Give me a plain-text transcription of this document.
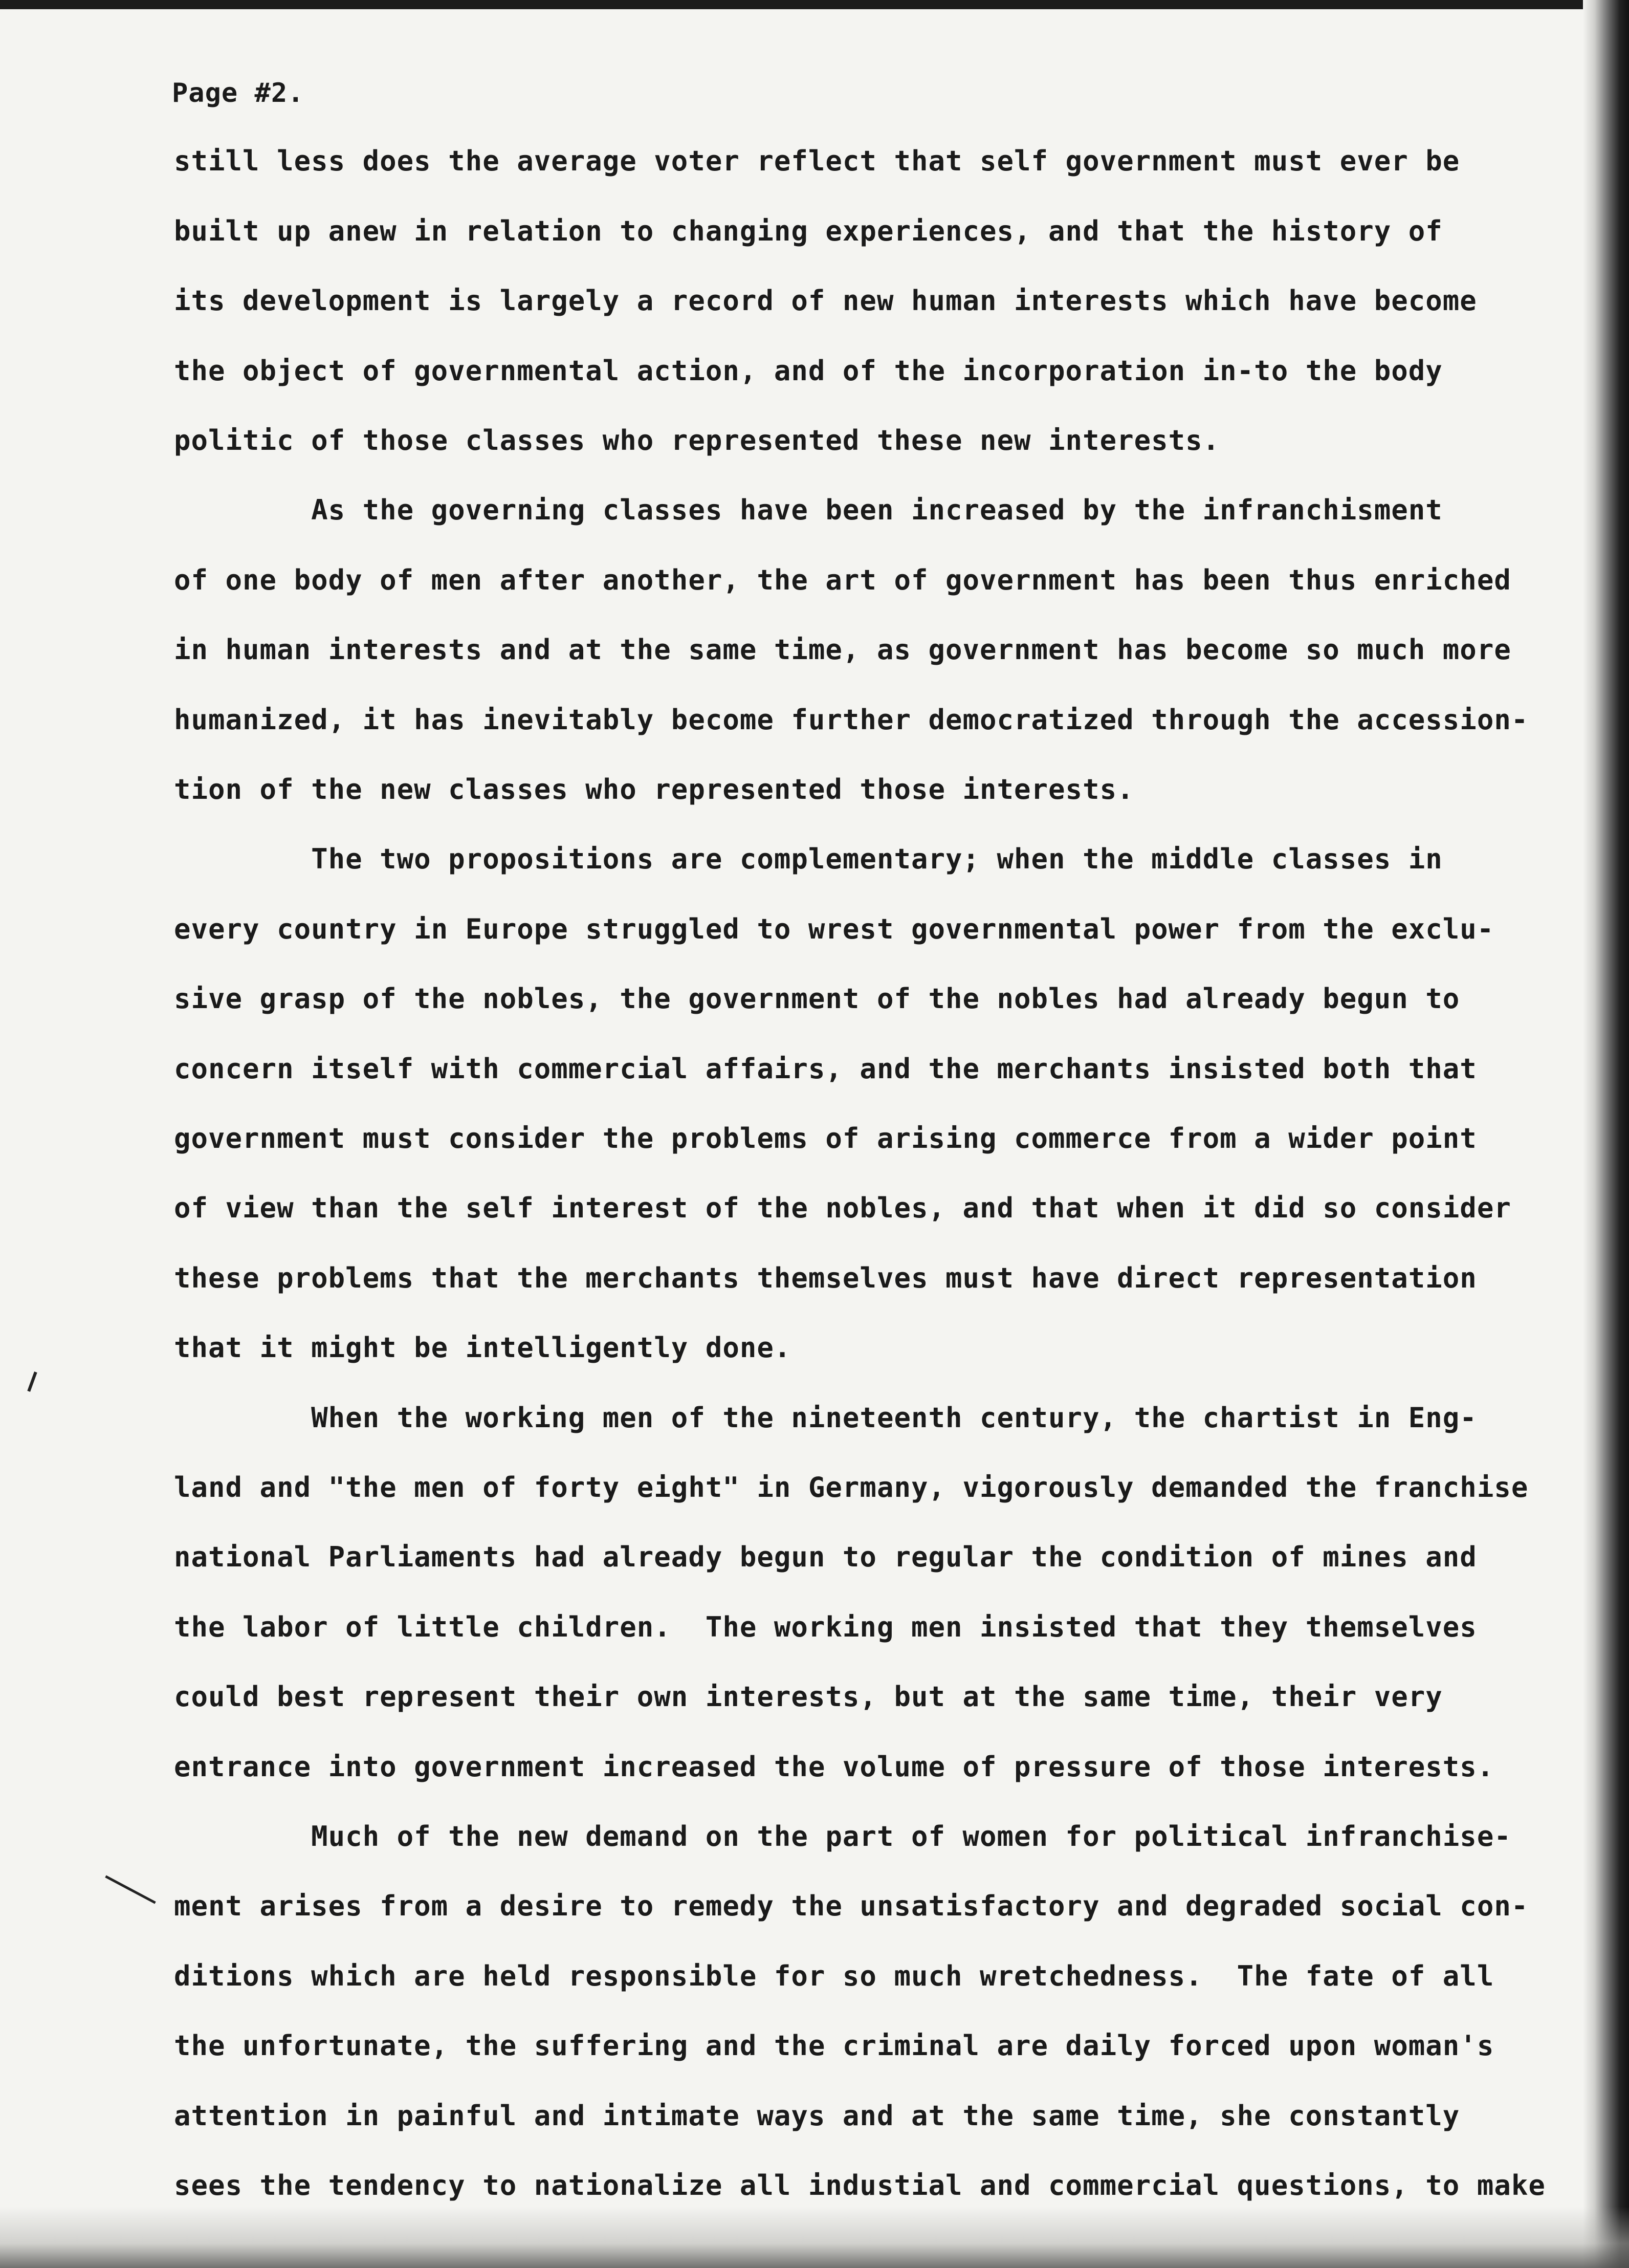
Page #2.
still less does the average voter reflect that self government must ever be
built up anew in relation to changing experiences, and that the history of
its development is largely a record of new human interests which have become
the object of governmental action, and of the incorporation in-to the body
politic of those classes who represented these new interests.
As the governing classes have been increased by the infranchisment
of one body of men after another, the art of government has been thus enriched
in human interests and at the same time, as government has become so much more
humanized, it has inevitably become further democratized through the accession-
tion of the new classes who represented those interests.
The two propositions are complementary; when the middle classes in
every country in Europe struggled to wrest governmental power from the exclu-
sive grasp of the nobles, the government of the nobles had already begun to
concern itself with commercial affairs, and the merchants insisted both that
government must consider the problems of arising commerce from a wider point
of view than the self interest of the nobles, and that when it did so consider
these problems that the merchants themselves must have direct representation
that it might be intelligently done.
When the working men of the nineteenth century, the chartist in Eng-
land and "the men of forty eight" in Germany, vigorously demanded the franchise
national Parliaments had already begun to regular the condition of mines and
the labor of little children.  The working men insisted that they themselves
could best represent their own interests, but at the same time, their very
entrance into government increased the volume of pressure of those interests.
Much of the new demand on the part of women for political infranchise-
ment arises from a desire to remedy the unsatisfactory and degraded social con-
ditions which are held responsible for so much wretchedness.  The fate of all
the unfortunate, the suffering and the criminal are daily forced upon woman's
attention in painful and intimate ways and at the same time, she constantly
sees the tendency to nationalize all industial and commercial questions, to make
